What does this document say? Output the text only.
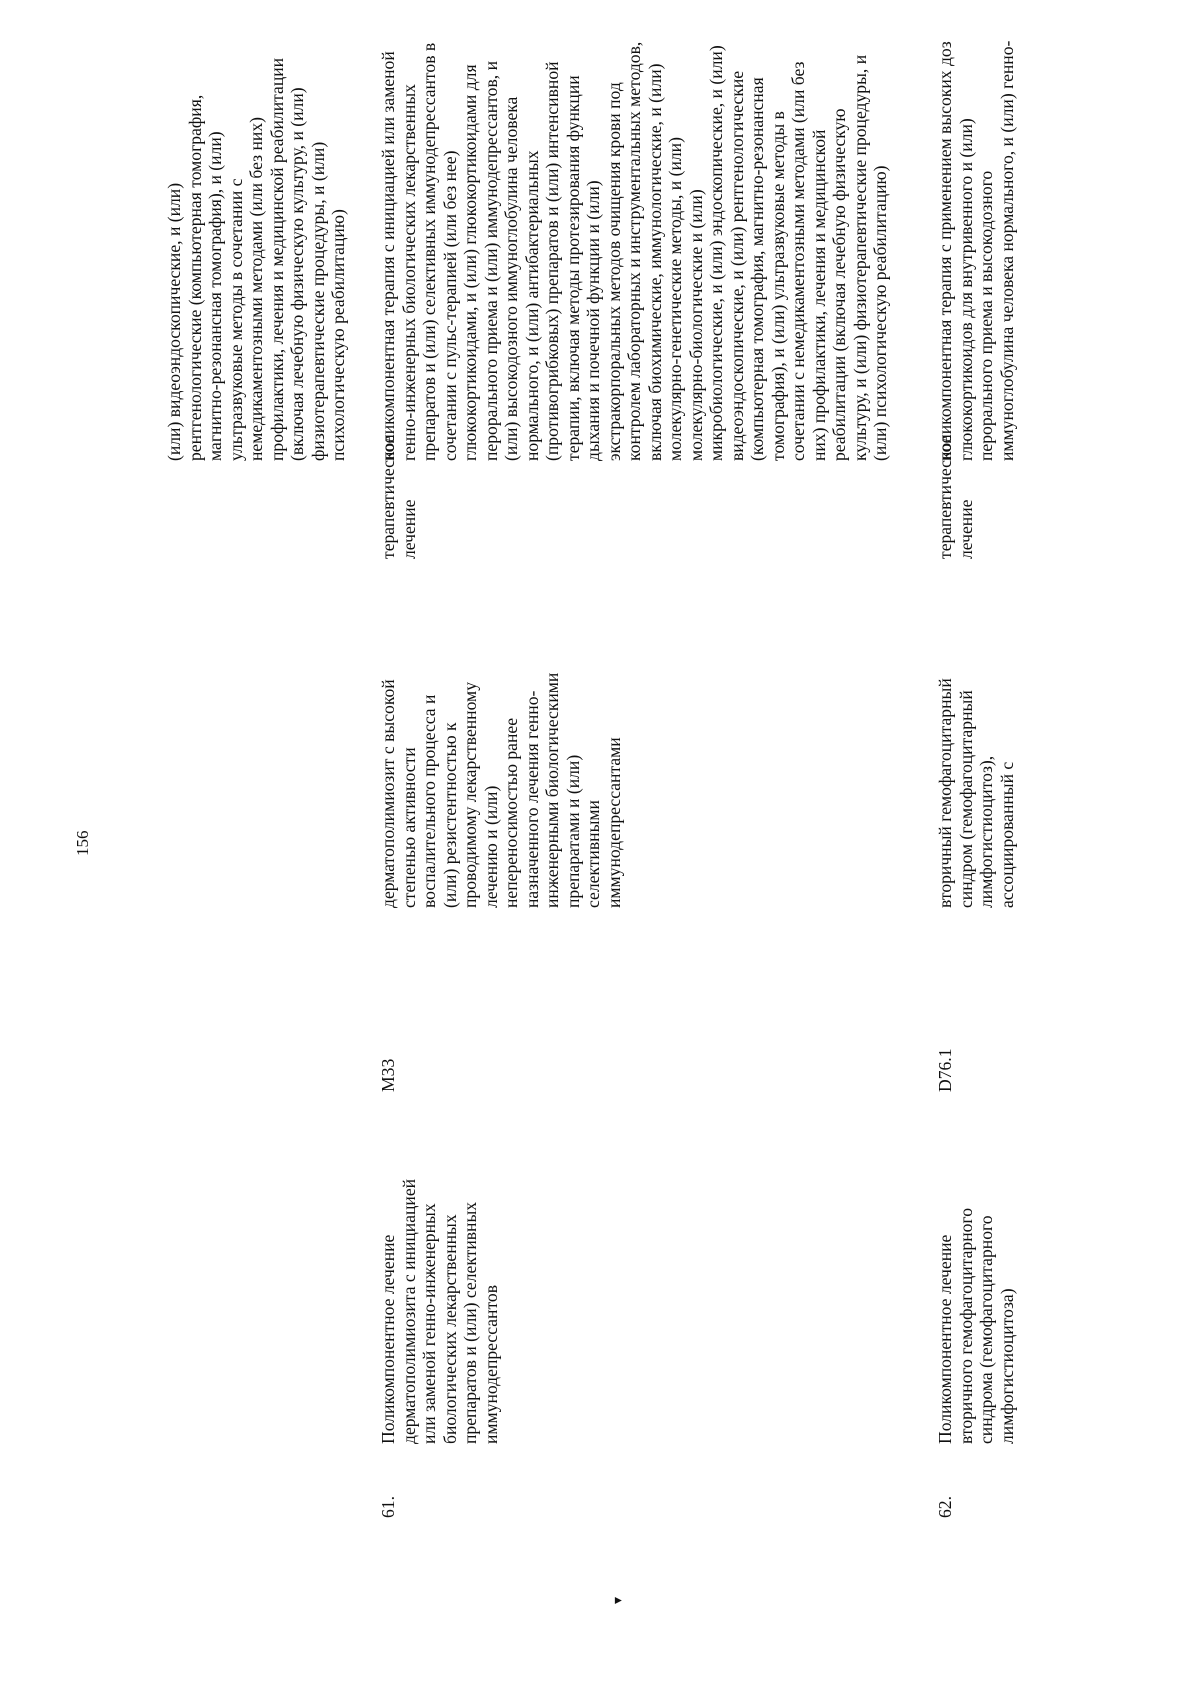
156
(или) видеоэндоскопические, и (или) рентгенологические (компьютерная томография, магнитно-резонансная томография), и (или) ультразвуковые методы в сочетании с немедикаментозными методами (или без них) профилактики, лечения и медицинской реабилитации (включая лечебную физическую культуру, и (или) физиотерапевтические процедуры, и (или) психологическую реабилитацию)
61.
Поликомпонентное лечение дерматополимиозита с инициацией или заменой генно-инженерных биологических лекарственных препаратов и (или) селективных иммунодепрессантов
M33
дерматополимиозит с высокой степенью активности воспалительного процесса и (или) резистентностью к проводимому лекарственному лечению и (или) непереносимостью ранее назначенного лечения генно- инженерными биологическими препаратами и (или) селективными иммунодепрессантами
терапевтическое лечение
поликомпонентная терапия с инициацией или заменой генно-инженерных биологических лекарственных препаратов и (или) селективных иммунодепрессантов в сочетании с пульс-терапией (или без нее) глюкокортикоидами, и (или) глюкокортикоидами для перорального приема и (или) иммунодепрессантов, и (или) высокодозного иммуноглобулина человека нормального, и (или) антибактериальных (противогрибковых) препаратов и (или) интенсивной терапии, включая методы протезирования функции дыхания и почечной функции и (или) экстракорпоральных методов очищения крови под контролем лабораторных и инструментальных методов, включая биохимические, иммунологические, и (или) молекулярно-генетические методы, и (или) молекулярно-биологические и (или) микробиологические, и (или) эндоскопические, и (или) видеоэндоскопические, и (или) рентгенологические (компьютерная томография, магнитно-резонансная томография), и (или) ультразвуковые методы в сочетании с немедикаментозными методами (или без них) профилактики, лечения и медицинской реабилитации (включая лечебную физическую культуру, и (или) физиотерапевтические процедуры, и (или) психологическую реабилитацию)
62.
Поликомпонентное лечение вторичного гемофагоцитарного синдрома (гемофагоцитарного лимфогистиоцитоза)
D76.1
вторичный гемофагоцитарный синдром (гемофагоцитарный лимфогистиоцитоз), ассоциированный с
терапевтическое лечение
поликомпонентная терапия с применением высоких доз глюкокортикоидов для внутривенного и (или) перорального приема и высокодозного иммуноглобулина человека нормального, и (или) генно-
▾
